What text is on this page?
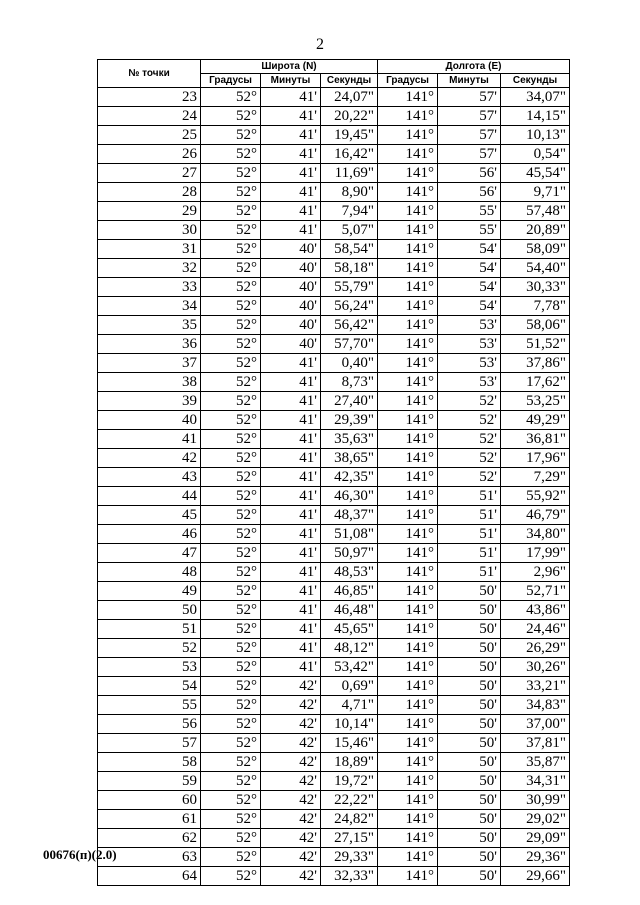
2
№ точки	Широта (N)			Долгота (E)		
	Градусы	Минуты	Секунды	Градусы	Минуты	Секунды
23	52°	41'	24,07"	141°	57'	34,07"
24	52°	41'	20,22"	141°	57'	14,15"
25	52°	41'	19,45"	141°	57'	10,13"
26	52°	41'	16,42"	141°	57'	0,54"
27	52°	41'	11,69"	141°	56'	45,54"
28	52°	41'	8,90"	141°	56'	9,71"
29	52°	41'	7,94"	141°	55'	57,48"
30	52°	41'	5,07"	141°	55'	20,89"
31	52°	40'	58,54"	141°	54'	58,09"
32	52°	40'	58,18"	141°	54'	54,40"
33	52°	40'	55,79"	141°	54'	30,33"
34	52°	40'	56,24"	141°	54'	7,78"
35	52°	40'	56,42"	141°	53'	58,06"
36	52°	40'	57,70"	141°	53'	51,52"
37	52°	41'	0,40"	141°	53'	37,86"
38	52°	41'	8,73"	141°	53'	17,62"
39	52°	41'	27,40"	141°	52'	53,25"
40	52°	41'	29,39"	141°	52'	49,29"
41	52°	41'	35,63"	141°	52'	36,81"
42	52°	41'	38,65"	141°	52'	17,96"
43	52°	41'	42,35"	141°	52'	7,29"
44	52°	41'	46,30"	141°	51'	55,92"
45	52°	41'	48,37"	141°	51'	46,79"
46	52°	41'	51,08"	141°	51'	34,80"
47	52°	41'	50,97"	141°	51'	17,99"
48	52°	41'	48,53"	141°	51'	2,96"
49	52°	41'	46,85"	141°	50'	52,71"
50	52°	41'	46,48"	141°	50'	43,86"
51	52°	41'	45,65"	141°	50'	24,46"
52	52°	41'	48,12"	141°	50'	26,29"
53	52°	41'	53,42"	141°	50'	30,26"
54	52°	42'	0,69"	141°	50'	33,21"
55	52°	42'	4,71"	141°	50'	34,83"
56	52°	42'	10,14"	141°	50'	37,00"
57	52°	42'	15,46"	141°	50'	37,81"
58	52°	42'	18,89"	141°	50'	35,87"
59	52°	42'	19,72"	141°	50'	34,31"
60	52°	42'	22,22"	141°	50'	30,99"
61	52°	42'	24,82"	141°	50'	29,02"
62	52°	42'	27,15"	141°	50'	29,09"
63	52°	42'	29,33"	141°	50'	29,36"
64	52°	42'	32,33"	141°	50'	29,66"
00676(п)(2.0)
